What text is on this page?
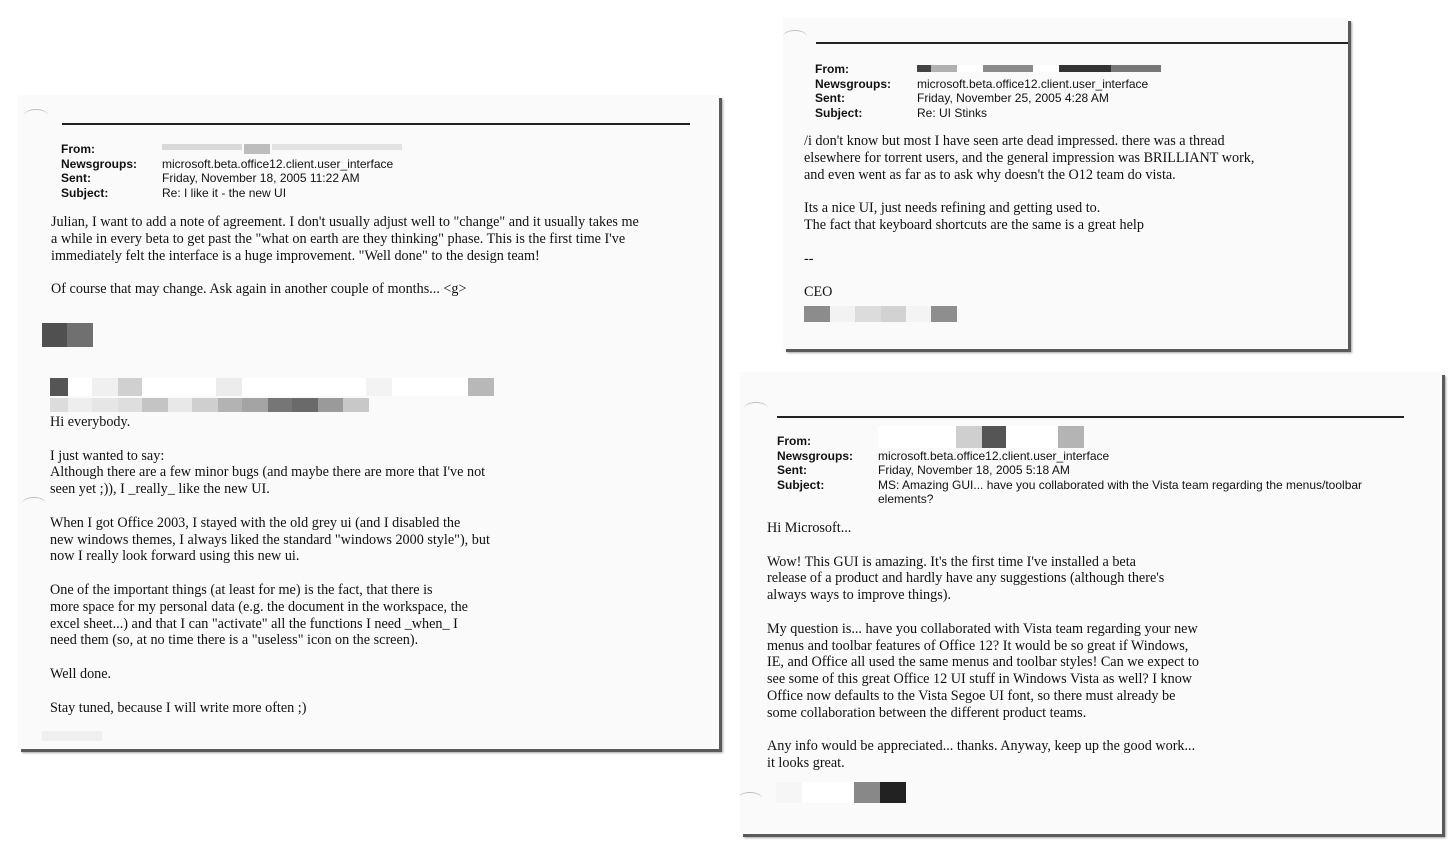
From:
Newsgroups:	microsoft.beta.office12.client.user_interface
Sent:	Friday, November 18, 2005 11:22 AM
Subject:	Re: I like it - the new UI

Julian, I want to add a note of agreement. I don't usually adjust well to "change" and it usually takes me
a while in every beta to get past the "what on earth are they thinking" phase. This is the first time I've
immediately felt the interface is a huge improvement. "Well done" to the design team!

Of course that may change. Ask again in another couple of months... <g>

Hi everybody.

I just wanted to say:
Although there are a few minor bugs (and maybe there are more that I've not
seen yet ;)), I _really_ like the new UI.

When I got Office 2003, I stayed with the old grey ui (and I disabled the
new windows themes, I always liked the standard "windows 2000 style"), but
now I really look forward using this new ui.

One of the important things (at least for me) is the fact, that there is
more space for my personal data (e.g. the document in the workspace, the
excel sheet...) and that I can "activate" all the functions I need _when_ I
need them (so, at no time there is a "useless" icon on the screen).

Well done.

Stay tuned, because I will write more often ;)

From:
Newsgroups:	microsoft.beta.office12.client.user_interface
Sent:	Friday, November 25, 2005 4:28 AM
Subject:	Re: UI Stinks

/i don't know but most I have seen arte dead impressed. there was a thread
elsewhere for torrent users, and the general impression was BRILLIANT work,
and even went as far as to ask why doesn't the O12 team do vista.

Its a nice UI, just needs refining and getting used to.
The fact that keyboard shortcuts are the same is a great help

--

CEO

From:
Newsgroups:	microsoft.beta.office12.client.user_interface
Sent:	Friday, November 18, 2005 5:18 AM
Subject:	MS: Amazing GUI... have you collaborated with the Vista team regarding the menus/toolbar
elements?

Hi Microsoft...

Wow! This GUI is amazing. It's the first time I've installed a beta
release of a product and hardly have any suggestions (although there's
always ways to improve things).

My question is... have you collaborated with Vista team regarding your new
menus and toolbar features of Office 12? It would be so great if Windows,
IE, and Office all used the same menus and toolbar styles! Can we expect to
see some of this great Office 12 UI stuff in Windows Vista as well? I know
Office now defaults to the Vista Segoe UI font, so there must already be
some collaboration between the different product teams.

Any info would be appreciated... thanks. Anyway, keep up the good work...
it looks great.
